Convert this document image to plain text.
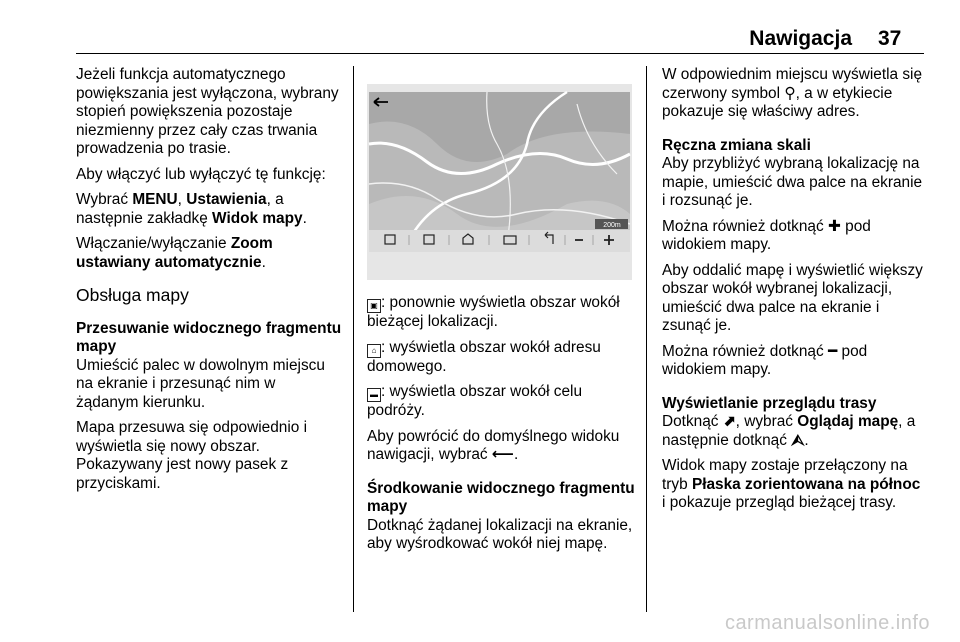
Nawigacja 37

Jeżeli funkcja automatycznego powiększania jest wyłączona, wybrany stopień powiększenia pozostaje niezmienny przez cały czas trwania prowadzenia po trasie.

Aby włączyć lub wyłączyć tę funkcję:

Wybrać MENU, Ustawienia, a następnie zakładkę Widok mapy.

Włączanie/wyłączanie Zoom ustawiany automatycznie.

Obsługa mapy
Przesuwanie widocznego fragmentu mapy

Umieścić palec w dowolnym miejscu na ekranie i przesunąć nim w żądanym kierunku.

Mapa przesuwa się odpowiednio i wyświetla się nowy obszar. Pokazywany jest nowy pasek z przyciskami.

200m

▣ : ponownie wyświetla obszar wokół bieżącej lokalizacji.

⌂ : wyświetla obszar wokół adresu domowego.

▬ : wyświetla obszar wokół celu podróży.

Aby powrócić do domyślnego widoku nawigacji, wybrać ⟵.

Środkowanie widocznego fragmentu mapy

Dotknąć żądanej lokalizacji na ekranie, aby wyśrodkować wokół niej mapę.

W odpowiednim miejscu wyświetla się czerwony symbol ⚲, a w etykiecie pokazuje się właściwy adres.

Ręczna zmiana skali

Aby przybliżyć wybraną lokalizację na mapie, umieścić dwa palce na ekranie i rozsunąć je.

Można również dotknąć ✚ pod widokiem mapy.

Aby oddalić mapę i wyświetlić większy obszar wokół wybranej lokalizacji, umieścić dwa palce na ekranie i zsunąć je.

Można również dotknąć ━ pod widokiem mapy.

Wyświetlanie przeglądu trasy

Dotknąć ⬈, wybrać Oglądaj mapę, a następnie dotknąć ⮙.

Widok mapy zostaje przełączony na tryb Płaska zorientowana na północ i pokazuje przegląd bieżącej trasy.

carmanualsonline.info
